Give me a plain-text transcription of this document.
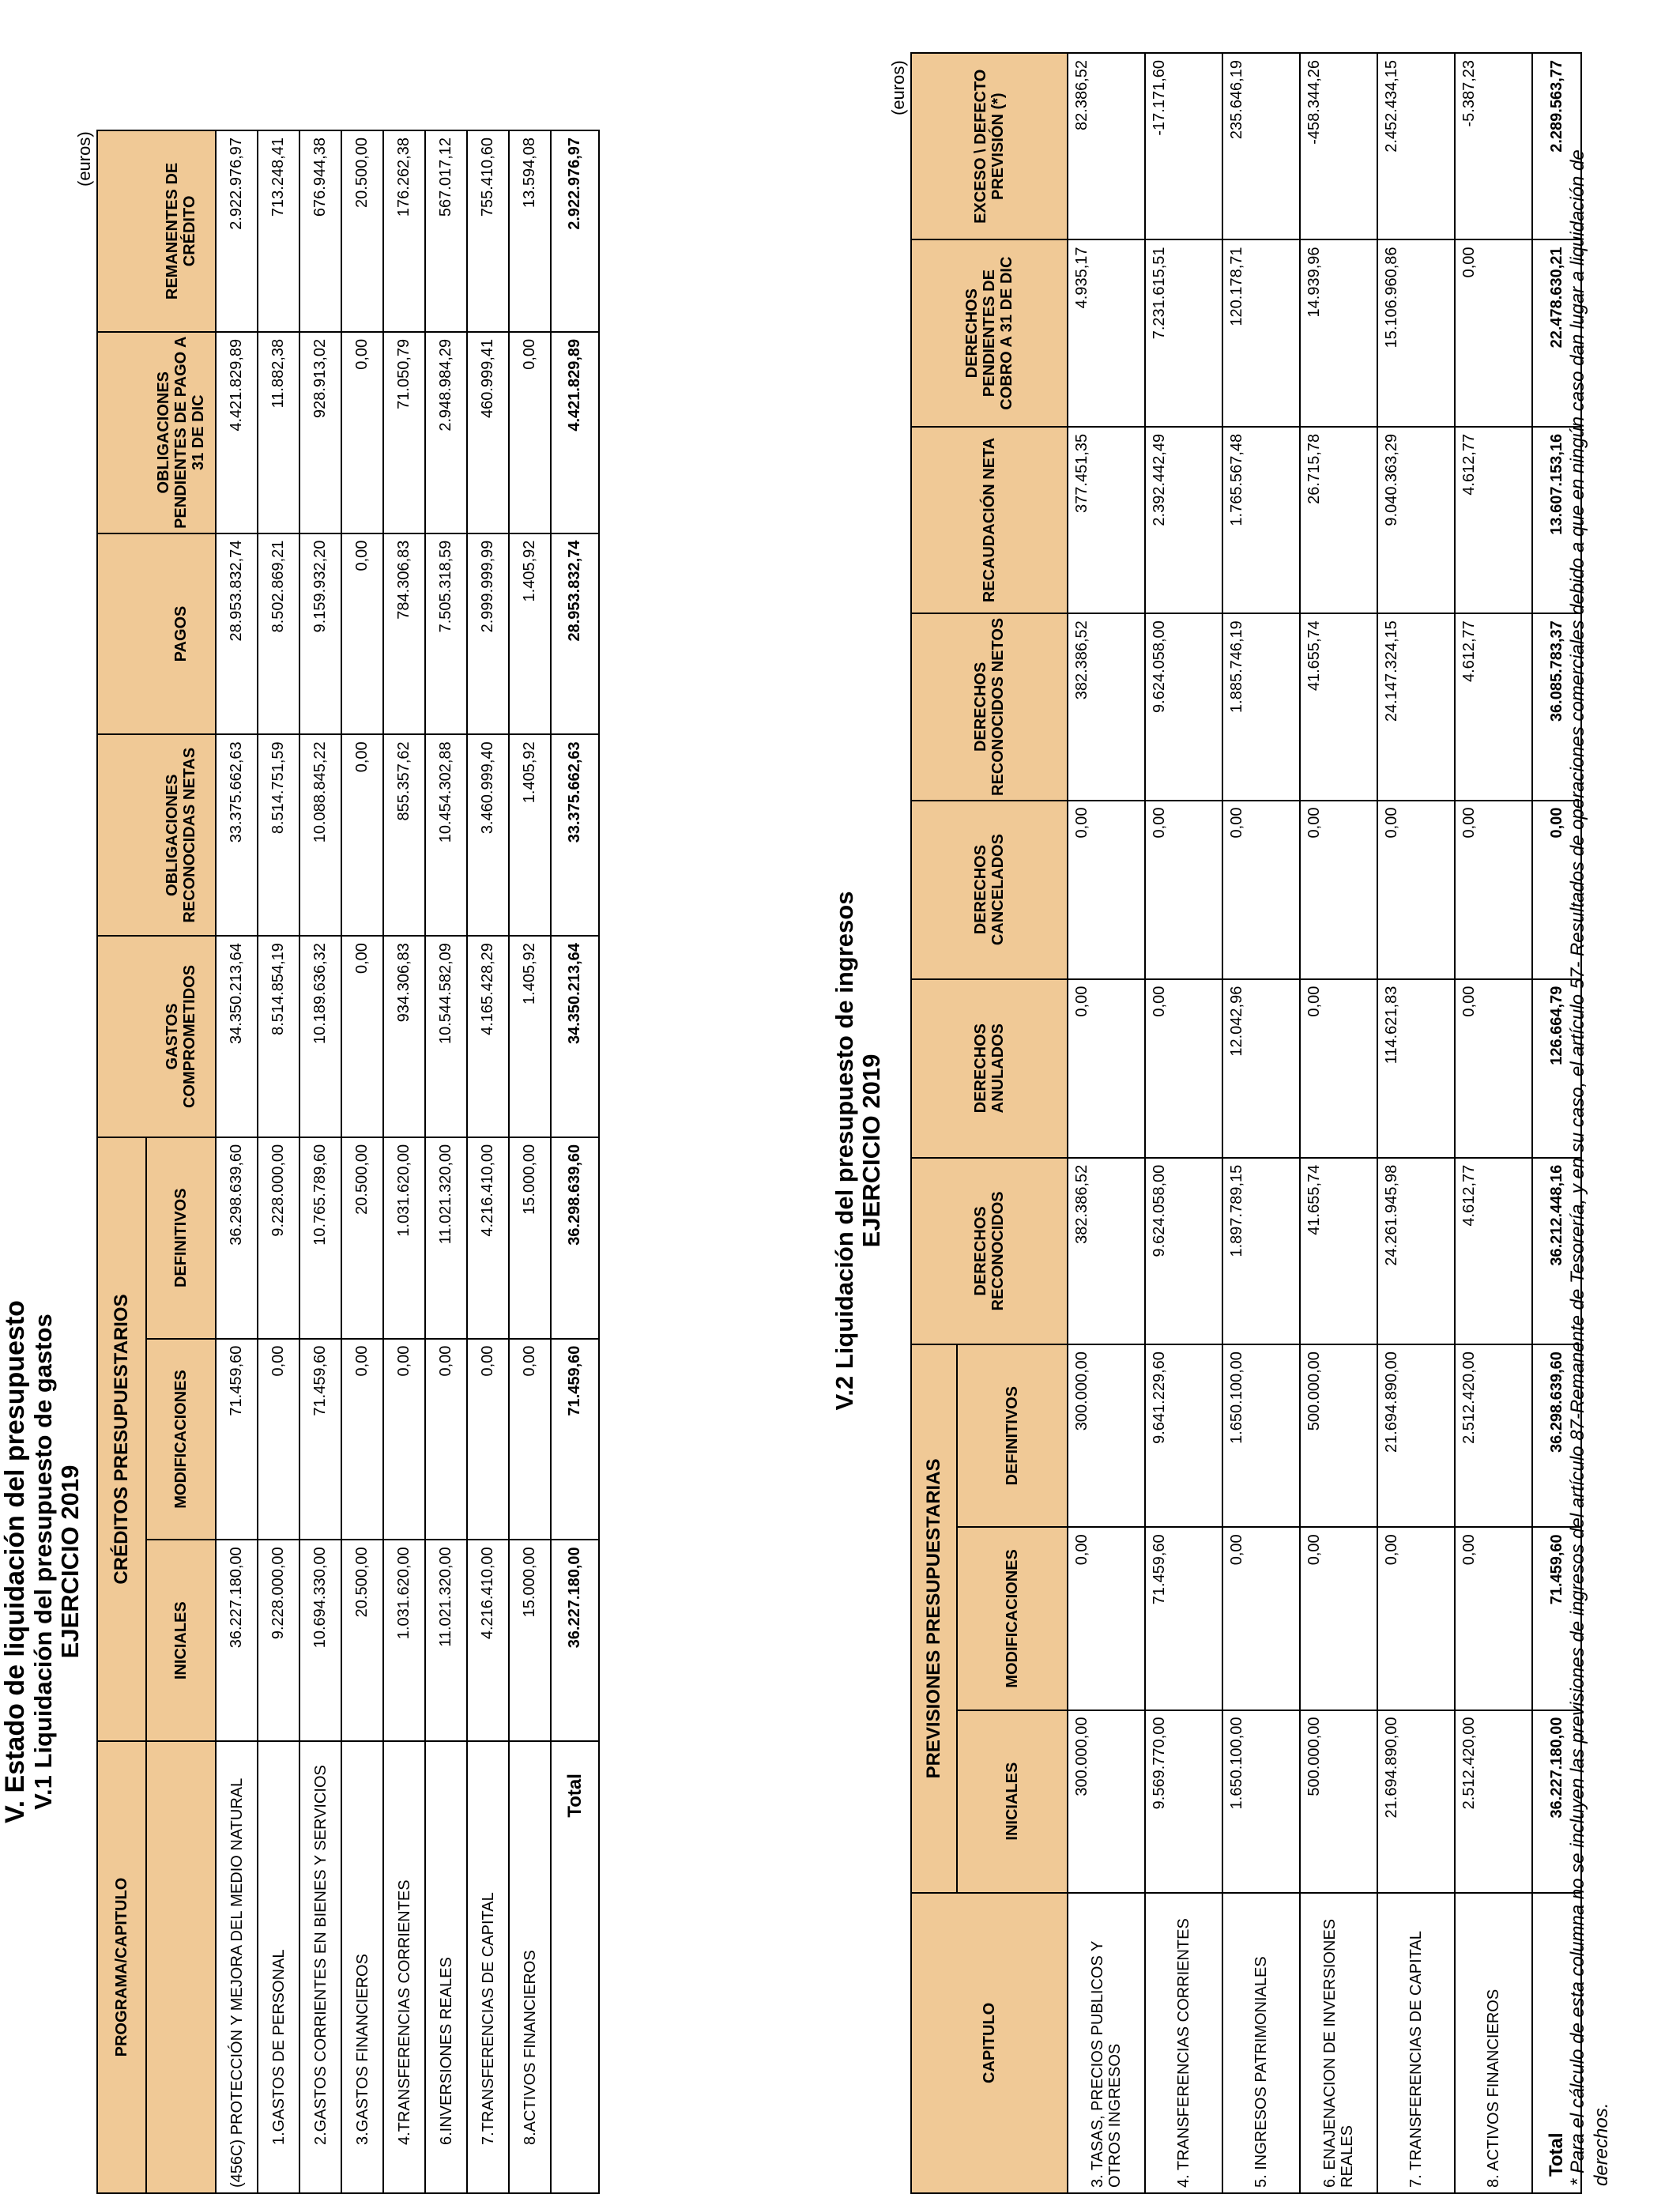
V. Estado de liquidación del presupuesto V.1 Liquidación del presupuesto de gastos EJERCICIO 2019
(euros)
PROGRAMA/CAPITULO	CRÉDITOS PRESUPUESTARIOS							

	INICIALES	MODIFICACIONES	DEFINITIVOS	GASTOS COMPROMETIDOS	OBLIGACIONES RECONOCIDAS NETAS	PAGOS	OBLIGACIONES PENDIENTES DE PAGO A 31 DE DIC	REMANENTES DE CRÉDITO
(456C) PROTECCIÓN Y MEJORA DEL MEDIO NATURAL	36.227.180,00	71.459,60	36.298.639,60	34.350.213,64	33.375.662,63	28.953.832,74	4.421.829,89	2.922.976,97
1.GASTOS DE PERSONAL	9.228.000,00	0,00	9.228.000,00	8.514.854,19	8.514.751,59	8.502.869,21	11.882,38	713.248,41
2.GASTOS CORRIENTES EN BIENES Y SERVICIOS	10.694.330,00	71.459,60	10.765.789,60	10.189.636,32	10.088.845,22	9.159.932,20	928.913,02	676.944,38
3.GASTOS FINANCIEROS	20.500,00	0,00	20.500,00	0,00	0,00	0,00	0,00	20.500,00
4.TRANSFERENCIAS CORRIENTES	1.031.620,00	0,00	1.031.620,00	934.306,83	855.357,62	784.306,83	71.050,79	176.262,38
6.INVERSIONES REALES	11.021.320,00	0,00	11.021.320,00	10.544.582,09	10.454.302,88	7.505.318,59	2.948.984,29	567.017,12
7.TRANSFERENCIAS DE CAPITAL	4.216.410,00	0,00	4.216.410,00	4.165.428,29	3.460.999,40	2.999.999,99	460.999,41	755.410,60
8.ACTIVOS FINANCIEROS	15.000,00	0,00	15.000,00	1.405,92	1.405,92	1.405,92	0,00	13.594,08
Total	36.227.180,00	71.459,60	36.298.639,60	34.350.213,64	33.375.662,63	28.953.832,74	4.421.829,89	2.922.976,97
V.2 Liquidación del presupuesto de ingresos EJERCICIO 2019
(euros)
CAPITULO	PREVISIONES PRESUPUESTARIAS			DERECHOS RECONOCIDOS	DERECHOS ANULADOS	DERECHOS CANCELADOS	DERECHOS RECONOCIDOS NETOS	RECAUDACIÓN NETA	DERECHOS PENDIENTES DE COBRO A 31 DE DIC	EXCESO \ DEFECTO PREVISIÓN (*)
	INICIALES	MODIFICACIONES	DEFINITIVOS							
3. TASAS, PRECIOS PUBLICOS Y OTROS INGRESOS	300.000,00	0,00	300.000,00	382.386,52	0,00	0,00	382.386,52	377.451,35	4.935,17	82.386,52
4. TRANSFERENCIAS CORRIENTES	9.569.770,00	71.459,60	9.641.229,60	9.624.058,00	0,00	0,00	9.624.058,00	2.392.442,49	7.231.615,51	-17.171,60
5. INGRESOS PATRIMONIALES	1.650.100,00	0,00	1.650.100,00	1.897.789,15	12.042,96	0,00	1.885.746,19	1.765.567,48	120.178,71	235.646,19
6. ENAJENACION DE INVERSIONES REALES	500.000,00	0,00	500.000,00	41.655,74	0,00	0,00	41.655,74	26.715,78	14.939,96	-458.344,26
7. TRANSFERENCIAS DE CAPITAL	21.694.890,00	0,00	21.694.890,00	24.261.945,98	114.621,83	0,00	24.147.324,15	9.040.363,29	15.106.960,86	2.452.434,15
8. ACTIVOS FINANCIEROS	2.512.420,00	0,00	2.512.420,00	4.612,77	0,00	0,00	4.612,77	4.612,77	0,00	-5.387,23
Total	36.227.180,00	71.459,60	36.298.639,60	36.212.448,16	126.664,79	0,00	36.085.783,37	13.607.153,16	22.478.630,21	2.289.563,77
* Para el cálculo de esta columna no se incluyen las previsiones de ingresos del artículo 87-Remanente de Tesorería, y en su caso, el artículo 57- Resultados de operaciones comerciales debido a que en ningún caso dan lugar a liquidación de derechos.
